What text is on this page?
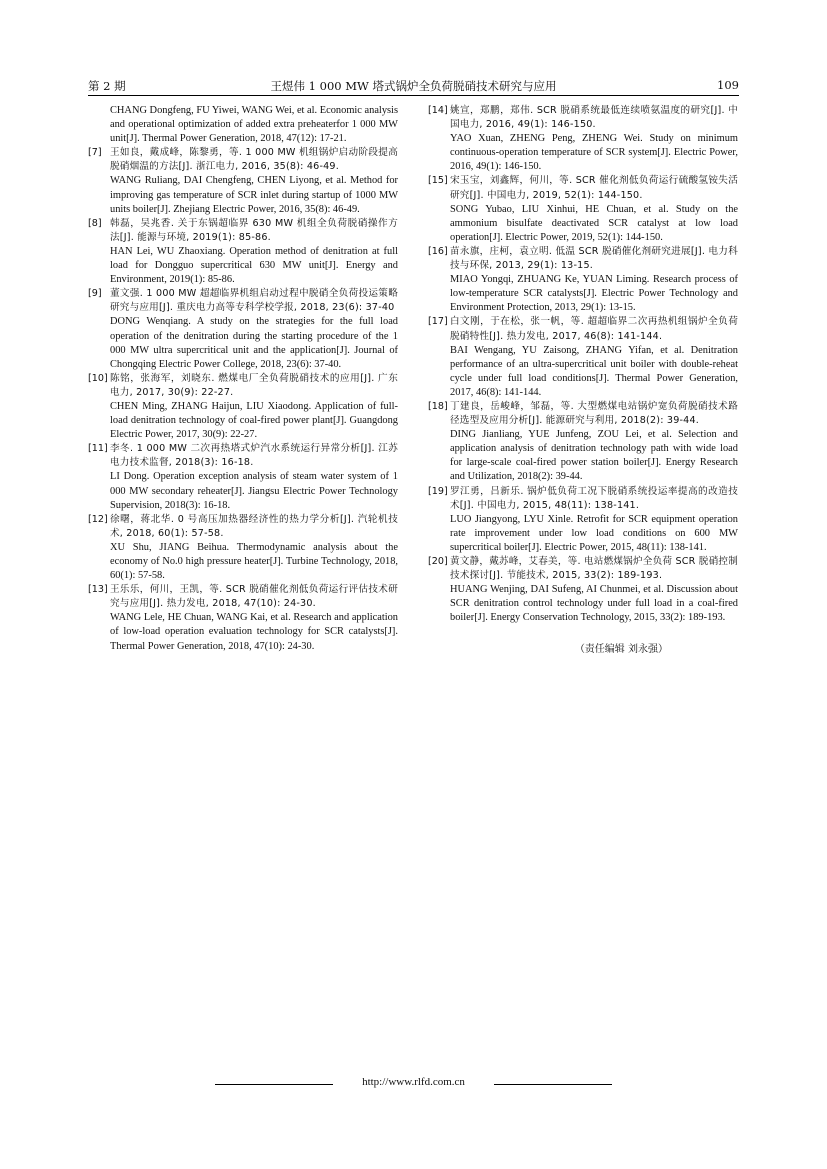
第 2 期	王煜伟 1 000 MW 塔式锅炉全负荷脱硝技术研究与应用	109

CHANG Dongfeng, FU Yiwei, WANG Wei, et al. Economic analysis and operational optimization of added extra preheaterfor 1 000 MW unit[J]. Thermal Power Generation, 2018, 47(12): 17-21.

[7] 王如良，戴成峰，陈黎勇，等. 1 000 MW 机组锅炉启动阶段提高脱硝烟温的方法[J]. 浙江电力, 2016, 35(8): 46-49.

WANG Ruliang, DAI Chengfeng, CHEN Liyong, et al. Method for improving gas temperature of SCR inlet during startup of 1000 MW units boiler[J]. Zhejiang Electric Power, 2016, 35(8): 46-49.

[8] 韩磊，吴兆香. 关于东锅超临界 630 MW 机组全负荷脱硝操作方法[J]. 能源与环境, 2019(1): 85-86.

HAN Lei, WU Zhaoxiang. Operation method of denitration at full load for Dongguo supercritical 630 MW unit[J]. Energy and Environment, 2019(1): 85-86.

[9] 董文强. 1 000 MW 超超临界机组启动过程中脱硝全负荷投运策略研究与应用[J]. 重庆电力高等专科学校学报, 2018, 23(6): 37-40

DONG Wenqiang. A study on the strategies for the full load operation of the denitration during the starting procedure of the 1 000 MW ultra supercritical unit and the application[J]. Journal of Chongqing Electric Power College, 2018, 23(6): 37-40.

[10] 陈铭，张海军，刘晓东. 燃煤电厂全负荷脱硝技术的应用[J]. 广东电力, 2017, 30(9): 22-27.

CHEN Ming, ZHANG Haijun, LIU Xiaodong. Application of full-load denitration technology of coal-fired power plant[J]. Guangdong Electric Power, 2017, 30(9): 22-27.

[11] 李冬. 1 000 MW 二次再热塔式炉汽水系统运行异常分析[J]. 江苏电力技术监督, 2018(3): 16-18.

LI Dong. Operation exception analysis of steam water system of 1 000 MW secondary reheater[J]. Jiangsu Electric Power Technology Supervision, 2018(3): 16-18.

[12] 徐曙，蒋北华. 0 号高压加热器经济性的热力学分析[J]. 汽轮机技术, 2018, 60(1): 57-58.

XU Shu, JIANG Beihua. Thermodynamic analysis about the economy of No.0 high pressure heater[J]. Turbine Technology, 2018, 60(1): 57-58.

[13] 王乐乐，何川，王凯，等. SCR 脱硝催化剂低负荷运行评估技术研究与应用[J]. 热力发电, 2018, 47(10): 24-30.

WANG Lele, HE Chuan, WANG Kai, et al. Research and application of low-load operation evaluation technology for SCR catalysts[J]. Thermal Power Generation, 2018, 47(10): 24-30.

[14] 姚宣，郑鹏，郑伟. SCR 脱硝系统最低连续喷氨温度的研究[J]. 中国电力, 2016, 49(1): 146-150.

YAO Xuan, ZHENG Peng, ZHENG Wei. Study on minimum continuous-operation temperature of SCR system[J]. Electric Power, 2016, 49(1): 146-150.

[15] 宋玉宝，刘鑫辉，何川，等. SCR 催化剂低负荷运行硫酸氢铵失活研究[J]. 中国电力, 2019, 52(1): 144-150.

SONG Yubao, LIU Xinhui, HE Chuan, et al. Study on the ammonium bisulfate deactivated SCR catalyst at low load operation[J]. Electric Power, 2019, 52(1): 144-150.

[16] 苗永旗，庄柯，袁立明. 低温 SCR 脱硝催化剂研究进展[J]. 电力科技与环保, 2013, 29(1): 13-15.

MIAO Yongqi, ZHUANG Ke, YUAN Liming. Research process of low-temperature SCR catalysts[J]. Electric Power Technology and Environment Protection, 2013, 29(1): 13-15.

[17] 白文刚，于在松，张一帆，等. 超超临界二次再热机组锅炉全负荷脱硝特性[J]. 热力发电, 2017, 46(8): 141-144.

BAI Wengang, YU Zaisong, ZHANG Yifan, et al. Denitration performance of an ultra-supercritical unit boiler with double-reheat cycle under full load conditions[J]. Thermal Power Generation, 2017, 46(8): 141-144.

[18] 丁建良，岳峻峰，邹磊，等. 大型燃煤电站锅炉宽负荷脱硝技术路径选型及应用分析[J]. 能源研究与利用, 2018(2): 39-44.

DING Jianliang, YUE Junfeng, ZOU Lei, et al. Selection and application analysis of denitration technology path with wide load for large-scale coal-fired power station boiler[J]. Energy Research and Utilization, 2018(2): 39-44.

[19] 罗江勇，吕新乐. 锅炉低负荷工况下脱硝系统投运率提高的改造技术[J]. 中国电力, 2015, 48(11): 138-141.

LUO Jiangyong, LYU Xinle. Retrofit for SCR equipment operation rate improvement under low load conditions on 600 MW supercritical boiler[J]. Electric Power, 2015, 48(11): 138-141.

[20] 黄文静，戴苏峰，艾春美，等. 电站燃煤锅炉全负荷 SCR 脱硝控制技术探讨[J]. 节能技术, 2015, 33(2): 189-193.

HUANG Wenjing, DAI Sufeng, AI Chunmei, et al. Discussion about SCR denitration control technology under full load in a coal-fired boiler[J]. Energy Conservation Technology, 2015, 33(2): 189-193.

（责任编辑 刘永强）
http://www.rlfd.com.cn
